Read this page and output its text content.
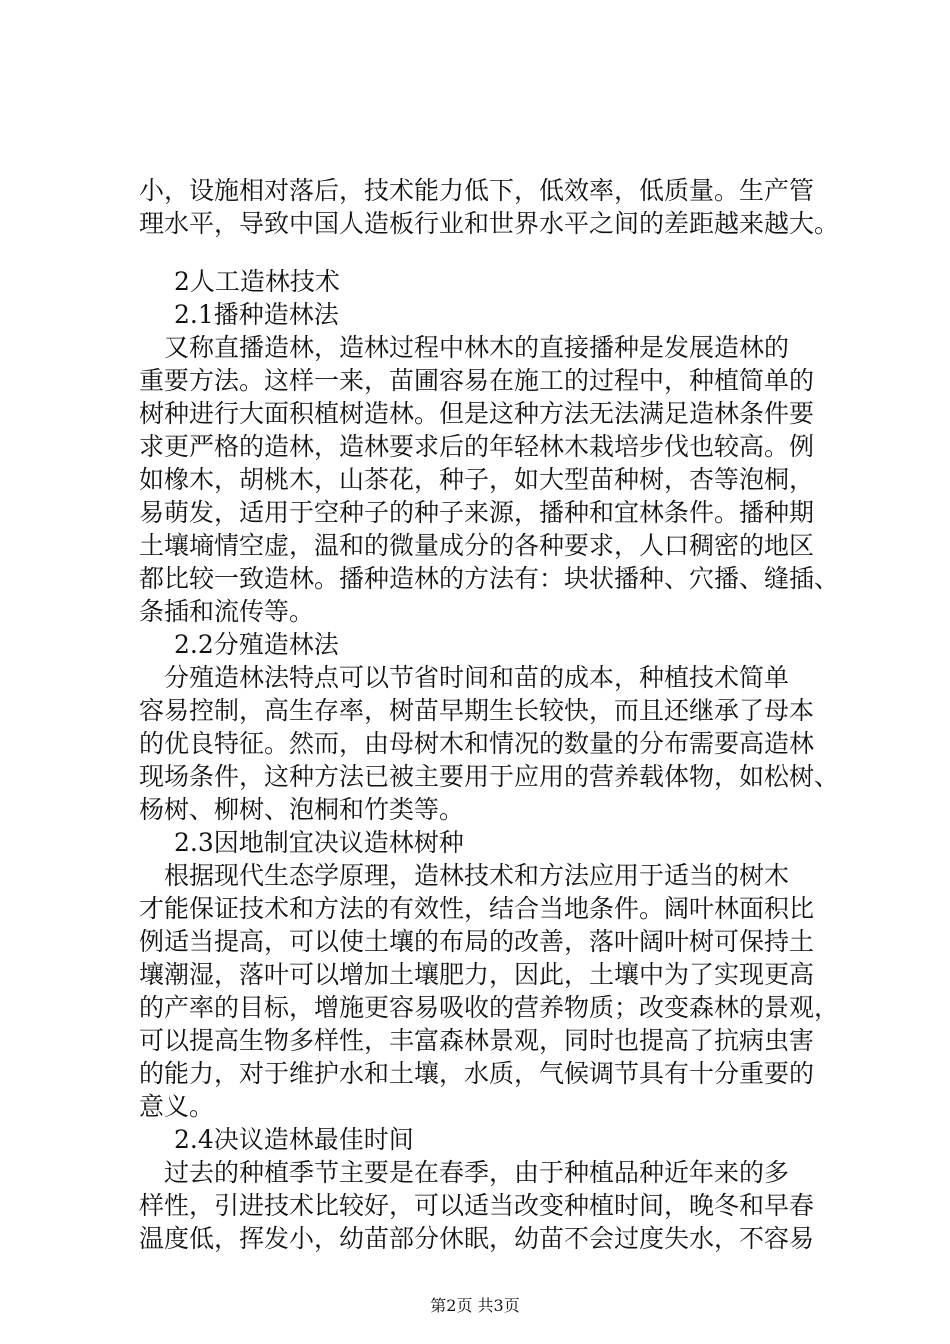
小，设施相对落后，技术能力低下，低效率，低质量。生产管
理水平，导致中国人造板行业和世界水平之间的差距越来越大。
2人工造林技术
2.1播种造林法
　又称直播造林，造林过程中林木的直接播种是发展造林的
重要方法。这样一来，苗圃容易在施工的过程中，种植简单的
树种进行大面积植树造林。但是这种方法无法满足造林条件要
求更严格的造林，造林要求后的年轻林木栽培步伐也较高。例
如橡木，胡桃木，山茶花，种子，如大型苗种树，杏等泡桐，
易萌发，适用于空种子的种子来源，播种和宜林条件。播种期
土壤墒情空虚，温和的微量成分的各种要求，人口稠密的地区
都比较一致造林。播种造林的方法有：块状播种、穴播、缝插、
条插和流传等。
2.2分殖造林法
　分殖造林法特点可以节省时间和苗的成本，种植技术简单
容易控制，高生存率，树苗早期生长较快，而且还继承了母本
的优良特征。然而，由母树木和情况的数量的分布需要高造林
现场条件，这种方法已被主要用于应用的营养载体物，如松树、
杨树、柳树、泡桐和竹类等。
2.3因地制宜决议造林树种
　根据现代生态学原理，造林技术和方法应用于适当的树木
才能保证技术和方法的有效性，结合当地条件。阔叶林面积比
例适当提高，可以使土壤的布局的改善，落叶阔叶树可保持土
壤潮湿，落叶可以增加土壤肥力，因此，土壤中为了实现更高
的产率的目标，增施更容易吸收的营养物质；改变森林的景观，
可以提高生物多样性，丰富森林景观，同时也提高了抗病虫害
的能力，对于维护水和土壤，水质，气候调节具有十分重要的
意义。
2.4决议造林最佳时间
　过去的种植季节主要是在春季，由于种植品种近年来的多
样性，引进技术比较好，可以适当改变种植时间，晚冬和早春
温度低，挥发小，幼苗部分休眠，幼苗不会过度失水，不容易
第2页 共3页
